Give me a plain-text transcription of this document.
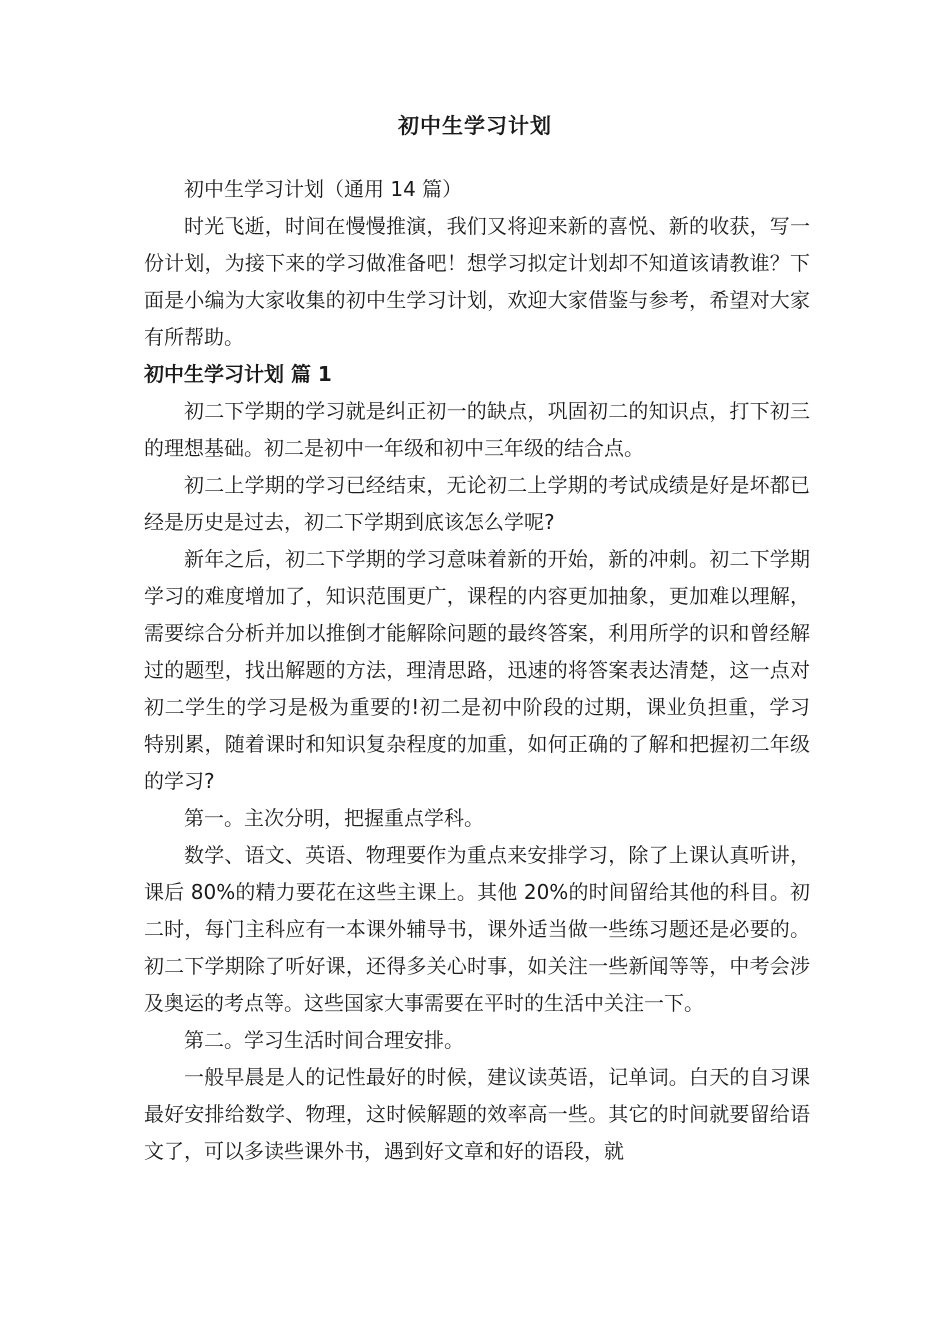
初中生学习计划

初中生学习计划（通用 14 篇）

时光飞逝，时间在慢慢推演，我们又将迎来新的喜悦、新的收获，写一份计划，为接下来的学习做准备吧！想学习拟定计划却不知道该请教谁？下面是小编为大家收集的初中生学习计划，欢迎大家借鉴与参考，希望对大家有所帮助。

初中生学习计划 篇 1

初二下学期的学习就是纠正初一的缺点，巩固初二的知识点，打下初三的理想基础。初二是初中一年级和初中三年级的结合点。

初二上学期的学习已经结束，无论初二上学期的考试成绩是好是坏都已经是历史是过去，初二下学期到底该怎么学呢?

新年之后，初二下学期的学习意味着新的开始，新的冲刺。初二下学期学习的难度增加了，知识范围更广，课程的内容更加抽象，更加难以理解，需要综合分析并加以推倒才能解除问题的最终答案，利用所学的识和曾经解过的题型，找出解题的方法，理清思路，迅速的将答案表达清楚，这一点对初二学生的学习是极为重要的!初二是初中阶段的过期，课业负担重，学习特别累，随着课时和知识复杂程度的加重，如何正确的了解和把握初二年级的学习?

第一。主次分明，把握重点学科。

数学、语文、英语、物理要作为重点来安排学习，除了上课认真听讲，课后 80%的精力要花在这些主课上。其他 20%的时间留给其他的科目。初二时，每门主科应有一本课外辅导书，课外适当做一些练习题还是必要的。初二下学期除了听好课，还得多关心时事，如关注一些新闻等等，中考会涉及奥运的考点等。这些国家大事需要在平时的生活中关注一下。

第二。学习生活时间合理安排。

一般早晨是人的记性最好的时候，建议读英语，记单词。白天的自习课最好安排给数学、物理，这时候解题的效率高一些。其它的时间就要留给语文了，可以多读些课外书，遇到好文章和好的语段，就
